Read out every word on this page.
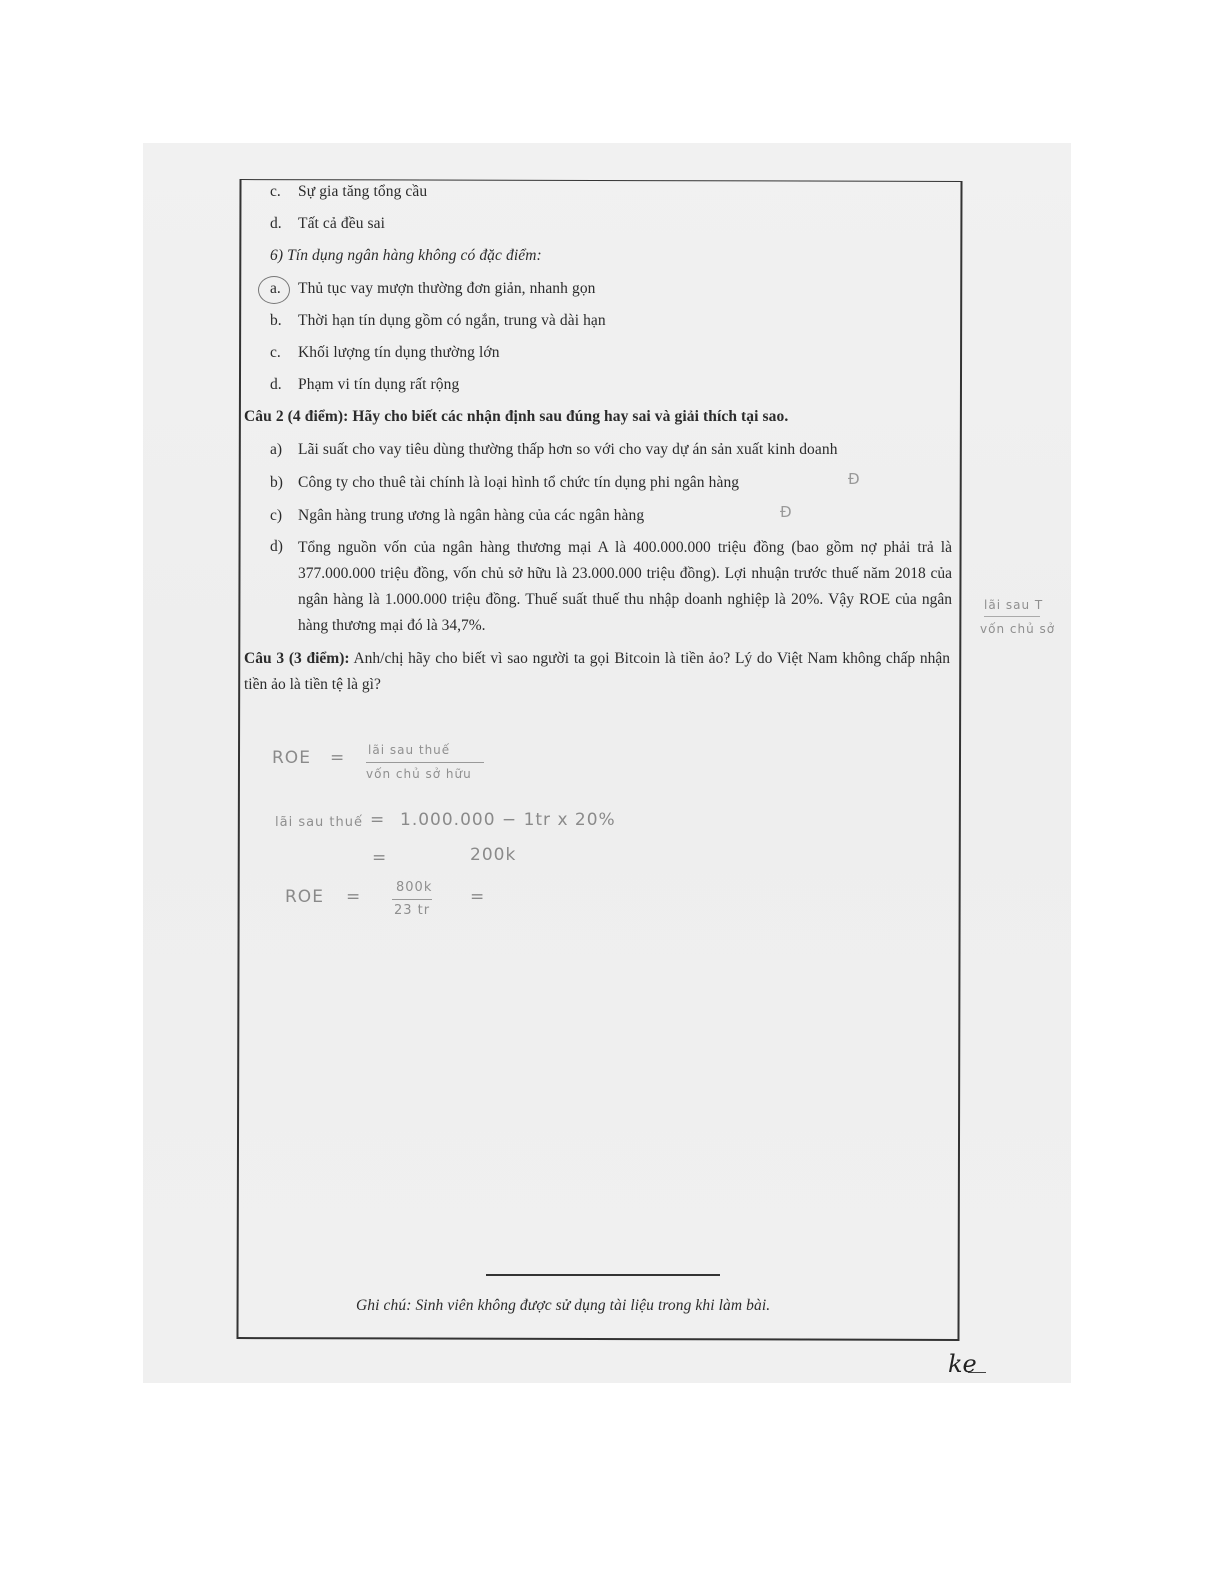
c. Sự gia tăng tổng cầu
d. Tất cả đều sai
6) Tín dụng ngân hàng không có đặc điểm:
a. Thủ tục vay mượn thường đơn giản, nhanh gọn
b. Thời hạn tín dụng gồm có ngắn, trung và dài hạn
c. Khối lượng tín dụng thường lớn
d. Phạm vi tín dụng rất rộng
Câu 2 (4 điểm): Hãy cho biết các nhận định sau đúng hay sai và giải thích tại sao.
a) Lãi suất cho vay tiêu dùng thường thấp hơn so với cho vay dự án sản xuất kinh doanh
b) Công ty cho thuê tài chính là loại hình tổ chức tín dụng phi ngân hàng	Đ
c) Ngân hàng trung ương là ngân hàng của các ngân hàng	Đ
d) Tổng nguồn vốn của ngân hàng thương mại A là 400.000.000 triệu đồng (bao gồm nợ phải trả là 377.000.000 triệu đồng, vốn chủ sở hữu là 23.000.000 triệu đồng). Lợi nhuận trước thuế năm 2018 của ngân hàng là 1.000.000 triệu đồng. Thuế suất thuế thu nhập doanh nghiệp là 20%. Vậy ROE của ngân hàng thương mại đó là 34,7%.
lãi sau T
vốn chủ sở
Câu 3 (3 điểm): Anh/chị hãy cho biết vì sao người ta gọi Bitcoin là tiền ảo? Lý do Việt Nam không chấp nhận tiền ảo là tiền tệ là gì?
ROE = lãi sau thuế
vốn chủ sở hữu
lãi sau thuế = 1.000.000 − 1tr x 20%
=	200k
ROE =	800k
23 tr
=
Ghi chú: Sinh viên không được sử dụng tài liệu trong khi làm bài.
ke
